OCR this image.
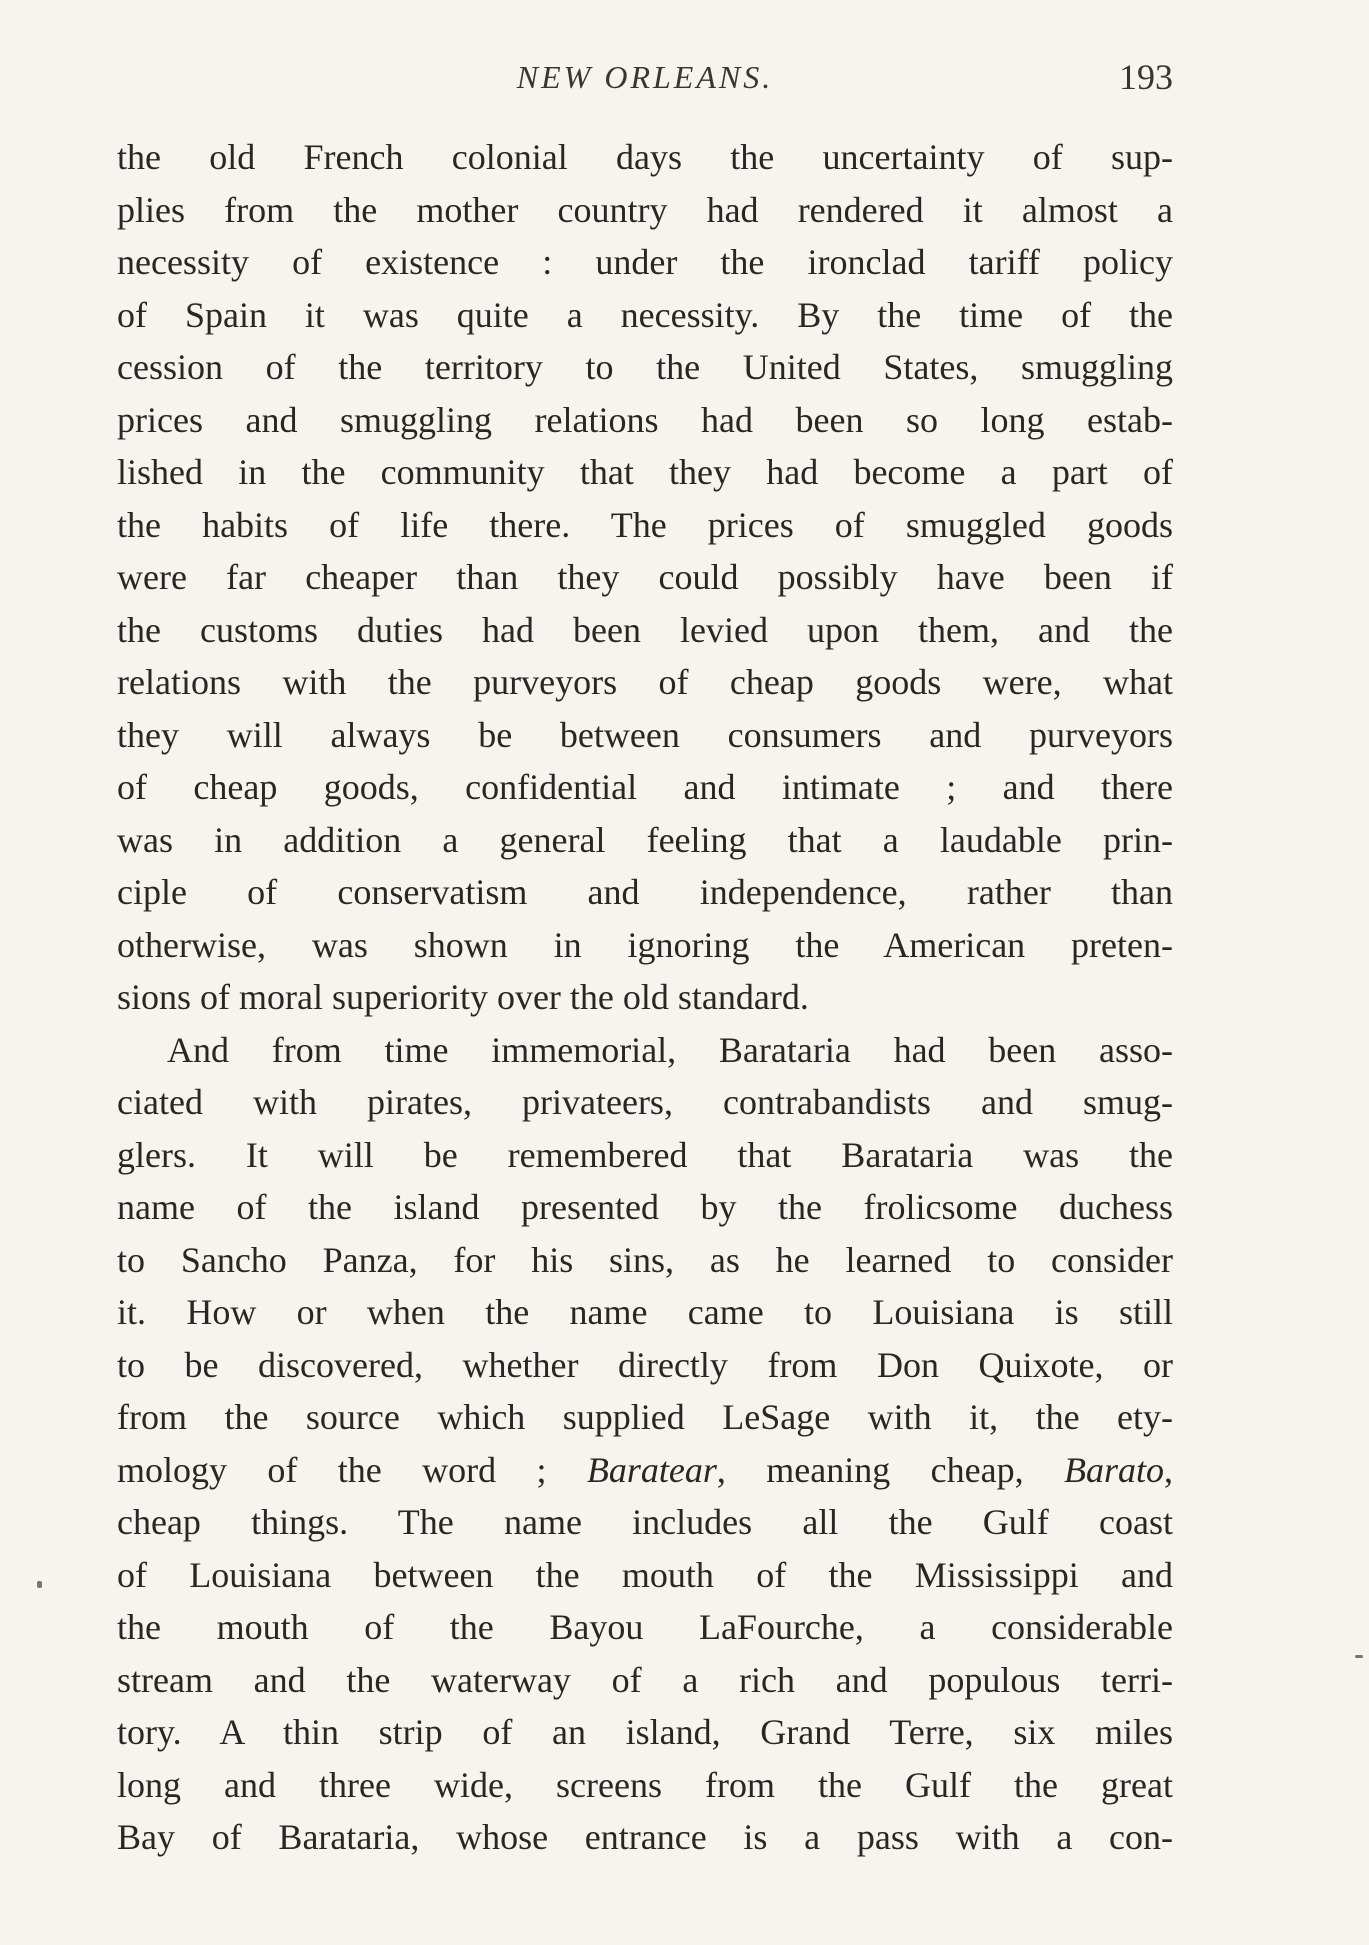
NEW ORLEANS.	193
the old French colonial days the uncertainty of sup-
plies from the mother country had rendered it almost a
necessity of existence : under the ironclad tariff policy
of Spain it was quite a necessity. By the time of the
cession of the territory to the United States, smuggling
prices and smuggling relations had been so long estab-
lished in the community that they had become a part of
the habits of life there. The prices of smuggled goods
were far cheaper than they could possibly have been if
the customs duties had been levied upon them, and the
relations with the purveyors of cheap goods were, what
they will always be between consumers and purveyors
of cheap goods, confidential and intimate ; and there
was in addition a general feeling that a laudable prin-
ciple of conservatism and independence, rather than
otherwise, was shown in ignoring the American preten-
sions of moral superiority over the old standard.
And from time immemorial, Barataria had been asso-
ciated with pirates, privateers, contrabandists and smug-
glers. It will be remembered that Barataria was the
name of the island presented by the frolicsome duchess
to Sancho Panza, for his sins, as he learned to consider
it. How or when the name came to Louisiana is still
to be discovered, whether directly from Don Quixote, or
from the source which supplied LeSage with it, the ety-
mology of the word ; Baratear, meaning cheap, Barato,
cheap things. The name includes all the Gulf coast
of Louisiana between the mouth of the Mississippi and
the mouth of the Bayou LaFourche, a considerable
stream and the waterway of a rich and populous terri-
tory. A thin strip of an island, Grand Terre, six miles
long and three wide, screens from the Gulf the great
Bay of Barataria, whose entrance is a pass with a con-
